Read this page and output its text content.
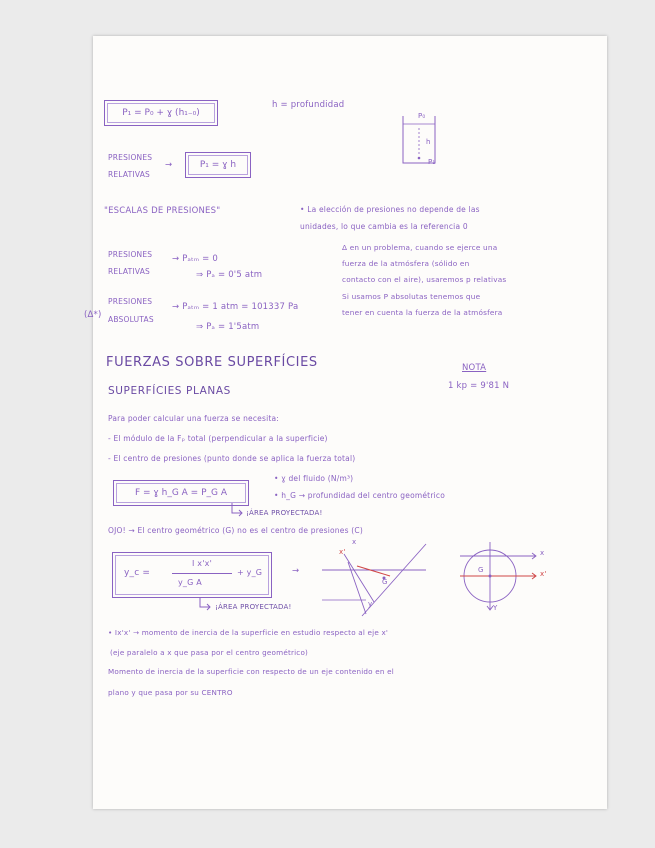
P₁ = P₀ + ɣ (h₁₋₀)
h = profundidad
P₀
h
P₁
PRESIONES
RELATIVAS
→	P₁ = ɣ h
"ESCALAS DE PRESIONES"	• La elección de presiones no depende de las
unidades, lo que cambia es la referencia 0
PRESIONES
RELATIVAS
→ Pₐₜₘ = 0
⇒ Pₐ = 0'5 atm
(Δ*)
PRESIONES
ABSOLUTAS
→ Pₐₜₘ = 1 atm = 101337 Pa
⇒ Pₐ = 1'5atm
Δ en un problema, cuando se ejerce una
fuerza de la atmósfera (sólido en
contacto con el aire), usaremos p relativas
Si usamos P absolutas tenemos que
tener en cuenta la fuerza de la atmósfera
FUERZAS SOBRE SUPERFÍCIES
SUPERFÍCIES PLANAS
NOTA
1 kp = 9'81 N
Para poder calcular una fuerza se necesita:
- El módulo de la Fₚ total (perpendicular a la superficie)
- El centro de presiones (punto donde se aplica la fuerza total)
F = ɣ h_G A = P_G A
• ɣ del fluido (N/m³)
• h_G → profundidad del centro geométrico
¡ÁREA PROYECTADA!
OJO! → El centro geométrico (G) no es el centro de presiones (C)
y_c =
I x'x'
y_G A
+ y_G	→
¡ÁREA PROYECTADA!
x
x'
G
y
x
x'
G
Y
• Ix'x' → momento de inercia de la superficie en estudio respecto al eje x'
(eje paralelo a x que pasa por el centro geométrico)
Momento de inercia de la superficie con respecto de un eje contenido en el
plano y que pasa por su CENTRO
